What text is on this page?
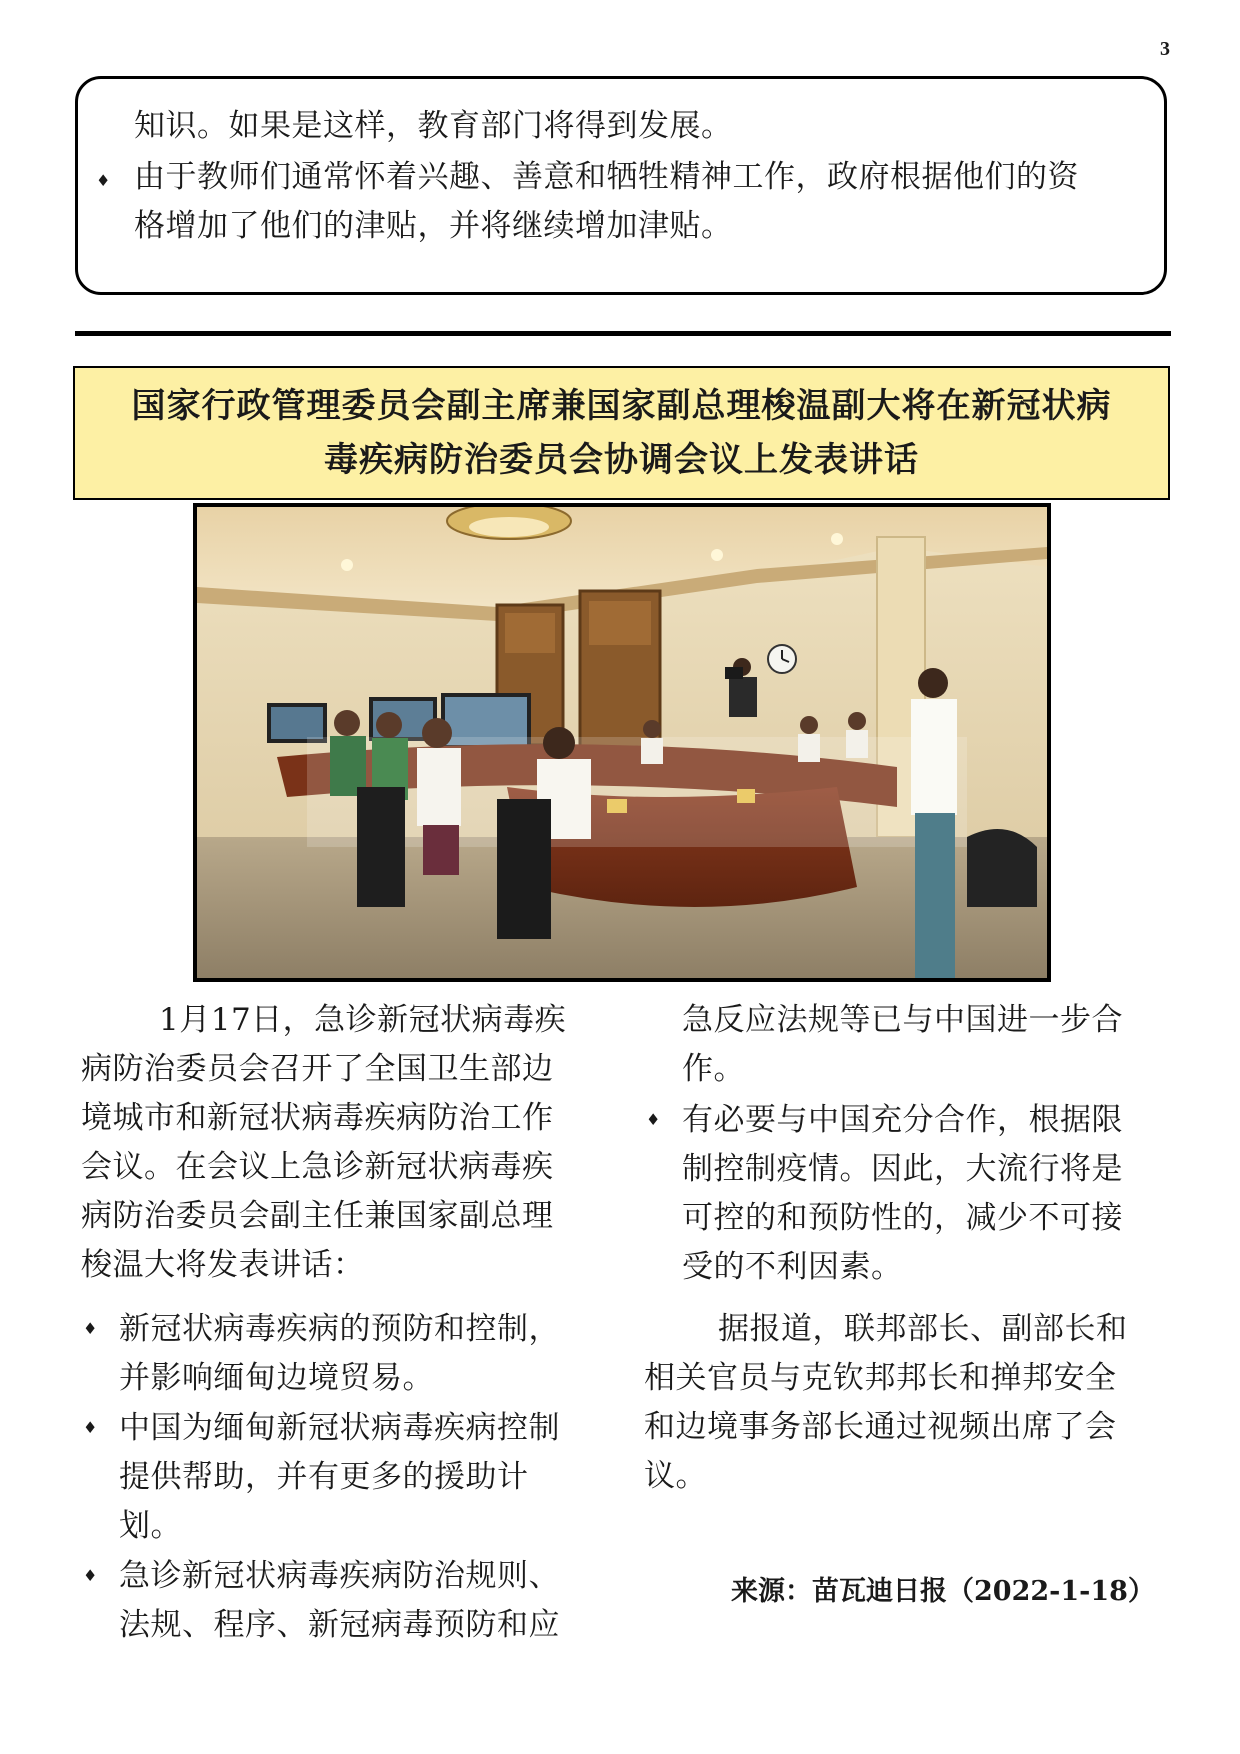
3
知识。如果是这样，教育部门将得到发展。
♦ 由于教师们通常怀着兴趣、善意和牺牲精神工作，政府根据他们的资
格增加了他们的津贴，并将继续增加津贴。
国家行政管理委员会副主席兼国家副总理梭温副大将在新冠状病
毒疾病防治委员会协调会议上发表讲话
1月17日，急诊新冠状病毒疾
病防治委员会召开了全国卫生部边
境城市和新冠状病毒疾病防治工作
会议。在会议上急诊新冠状病毒疾
病防治委员会副主任兼国家副总理
梭温大将发表讲话：
♦ 新冠状病毒疾病的预防和控制，
并影响缅甸边境贸易。
♦ 中国为缅甸新冠状病毒疾病控制
提供帮助，并有更多的援助计
划。
♦ 急诊新冠状病毒疾病防治规则、
法规、程序、新冠病毒预防和应
急反应法规等已与中国进一步合
作。
♦ 有必要与中国充分合作，根据限
制控制疫情。因此，大流行将是
可控的和预防性的，减少不可接
受的不利因素。
据报道，联邦部长、副部长和
相关官员与克钦邦邦长和掸邦安全
和边境事务部长通过视频出席了会
议。
来源：苗瓦迪日报（2022-1-18）
